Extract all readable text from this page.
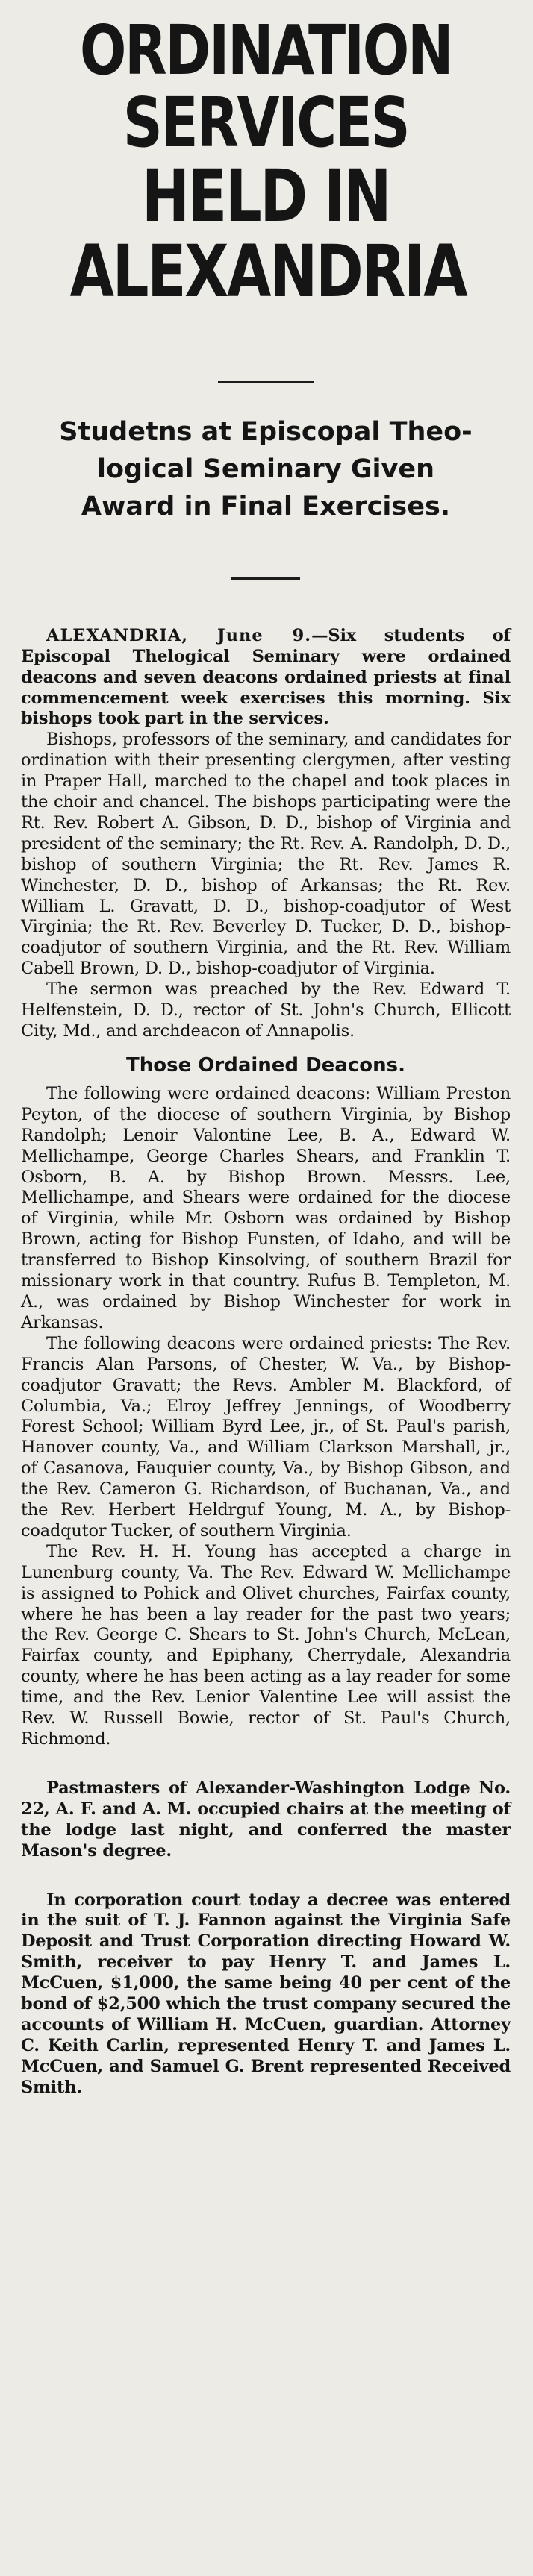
ORDINATION SERVICES
HELD IN ALEXANDRIA
Studetns at Episcopal Theo-
logical Seminary Given
Award in Final Exercises.

ALEXANDRIA, June 9.—Six students of Episcopal Thelogical Seminary were ordained deacons and seven deacons ordained priests at final commencement week exercises this morning. Six bishops took part in the services.

Bishops, professors of the seminary, and candidates for ordination with their presenting clergymen, after vesting in Praper Hall, marched to the chapel and took places in the choir and chancel. The bishops participating were the Rt. Rev. Robert A. Gibson, D. D., bishop of Virginia and president of the seminary; the Rt. Rev. A. Randolph, D. D., bishop of southern Virginia; the Rt. Rev. James R. Winchester, D. D., bishop of Arkansas; the Rt. Rev. William L. Gravatt, D. D., bishop-coadjutor of West Virginia; the Rt. Rev. Beverley D. Tucker, D. D., bishop-coadjutor of southern Virginia, and the Rt. Rev. William Cabell Brown, D. D., bishop-coadjutor of Virginia.

The sermon was preached by the Rev. Edward T. Helfenstein, D. D., rector of St. John's Church, Ellicott City, Md., and archdeacon of Annapolis.

Those Ordained Deacons.

The following were ordained deacons: William Preston Peyton, of the diocese of southern Virginia, by Bishop Randolph; Lenoir Valontine Lee, B. A., Edward W. Mellichampe, George Charles Shears, and Franklin T. Osborn, B. A. by Bishop Brown. Messrs. Lee, Mellichampe, and Shears were ordained for the diocese of Virginia, while Mr. Osborn was ordained by Bishop Brown, acting for Bishop Funsten, of Idaho, and will be transferred to Bishop Kinsolving, of southern Brazil for missionary work in that country. Rufus B. Templeton, M. A., was ordained by Bishop Winchester for work in Arkansas.

The following deacons were ordained priests: The Rev. Francis Alan Parsons, of Chester, W. Va., by Bishop-coadjutor Gravatt; the Revs. Ambler M. Blackford, of Columbia, Va.; Elroy Jeffrey Jennings, of Woodberry Forest School; William Byrd Lee, jr., of St. Paul's parish, Hanover county, Va., and William Clarkson Marshall, jr., of Casanova, Fauquier county, Va., by Bishop Gibson, and the Rev. Cameron G. Richardson, of Buchanan, Va., and the Rev. Herbert Heldrguf Young, M. A., by Bishop-coadqutor Tucker, of southern Virginia.

The Rev. H. H. Young has accepted a charge in Lunenburg county, Va. The Rev. Edward W. Mellichampe is assigned to Pohick and Olivet churches, Fairfax county, where he has been a lay reader for the past two years; the Rev. George C. Shears to St. John's Church, McLean, Fairfax county, and Epiphany, Cherrydale, Alexandria county, where he has been acting as a lay reader for some time, and the Rev. Lenior Valentine Lee will assist the Rev. W. Russell Bowie, rector of St. Paul's Church, Richmond.

Pastmasters of Alexander-Washington Lodge No. 22, A. F. and A. M. occupied chairs at the meeting of the lodge last night, and conferred the master Mason's degree.

In corporation court today a decree was entered in the suit of T. J. Fannon against the Virginia Safe Deposit and Trust Corporation directing Howard W. Smith, receiver to pay Henry T. and James L. McCuen, $1,000, the same being 40 per cent of the bond of $2,500 which the trust company secured the accounts of William H. McCuen, guardian. Attorney C. Keith Carlin, represented Henry T. and James L. McCuen, and Samuel G. Brent represented Received Smith.
